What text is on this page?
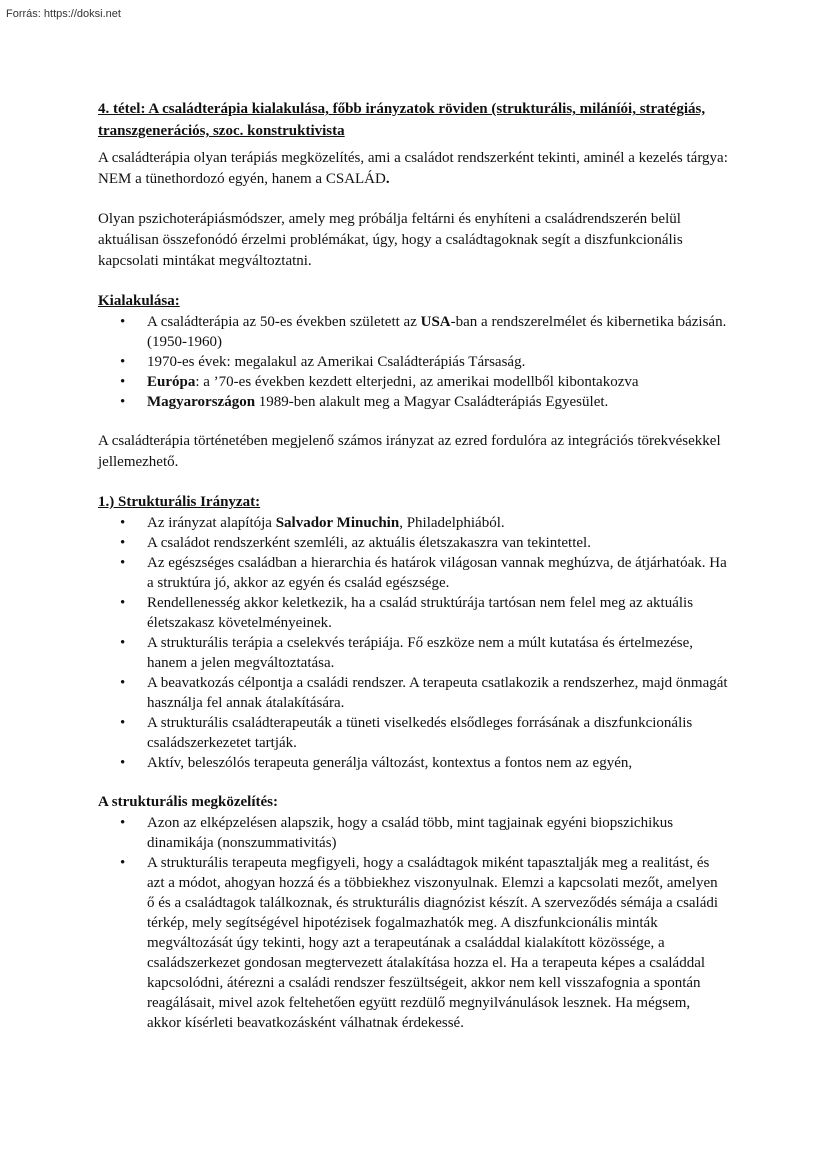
Forrás: https://doksi.net

4. tétel: A családterápia kialakulása, főbb irányzatok röviden (strukturális, miláníói, stratégiás, transzgenerációs, szoc. konstruktivista

A családterápia olyan terápiás megközelítés, ami a családot rendszerként tekinti, aminél a kezelés tárgya: NEM a tünethordozó egyén, hanem a CSALÁD.

Olyan pszichoterápiásmódszer, amely meg próbálja feltárni és enyhíteni a családrendszerén belül aktuálisan összefonódó érzelmi problémákat, úgy, hogy a családtagoknak segít a diszfunkcionális kapcsolati mintákat megváltoztatni.

Kialakulása:

• A családterápia az 50-es években született az USA-ban a rendszerelmélet és kibernetika bázisán. (1950-1960)
• 1970-es évek: megalakul az Amerikai Családterápiás Társaság.
• Európa: a ’70-es években kezdett elterjedni, az amerikai modellből kibontakozva
• Magyarországon 1989-ben alakult meg a Magyar Családterápiás Egyesület.

A családterápia történetében megjelenő számos irányzat az ezred fordulóra az integrációs törekvésekkel jellemezhető.

1.) Strukturális Irányzat:

• Az irányzat alapítója Salvador Minuchin, Philadelphiából.
• A családot rendszerként szemléli, az aktuális életszakaszra van tekintettel.
• Az egészséges családban a hierarchia és határok világosan vannak meghúzva, de átjárhatóak. Ha a struktúra jó, akkor az egyén és család egészsége.
• Rendellenesség akkor keletkezik, ha a család struktúrája tartósan nem felel meg az aktuális életszakasz követelményeinek.
• A strukturális terápia a cselekvés terápiája. Fő eszköze nem a múlt kutatása és értelmezése, hanem a jelen megváltoztatása.
• A beavatkozás célpontja a családi rendszer. A terapeuta csatlakozik a rendszerhez, majd önmagát használja fel annak átalakítására.
• A strukturális családterapeuták a tüneti viselkedés elsődleges forrásának a diszfunkcionális családszerkezetet tartják.
• Aktív, beleszólós terapeuta generálja változást, kontextus a fontos nem az egyén,

A strukturális megközelítés:

• Azon az elképzelésen alapszik, hogy a család több, mint tagjainak egyéni biopszichikus dinamikája (nonszummativitás)
• A strukturális terapeuta megfigyeli, hogy a családtagok miként tapasztalják meg a realitást, és azt a módot, ahogyan hozzá és a többiekhez viszonyulnak. Elemzi a kapcsolati mezőt, amelyen ő és a családtagok találkoznak, és strukturális diagnózist készít. A szerveződés sémája a családi térkép, mely segítségével hipotézisek fogalmazhatók meg. A diszfunkcionális minták megváltozását úgy tekinti, hogy azt a terapeutának a családdal kialakított közössége, a családszerkezet gondosan megtervezett átalakítása hozza el. Ha a terapeuta képes a családdal kapcsolódni, átérezni a családi rendszer feszültségeit, akkor nem kell visszafognia a spontán reagálásait, mivel azok feltehetően együtt rezdülő megnyilvánulások lesznek. Ha mégsem, akkor kísérleti beavatkozásként válhatnak érdekessé.
